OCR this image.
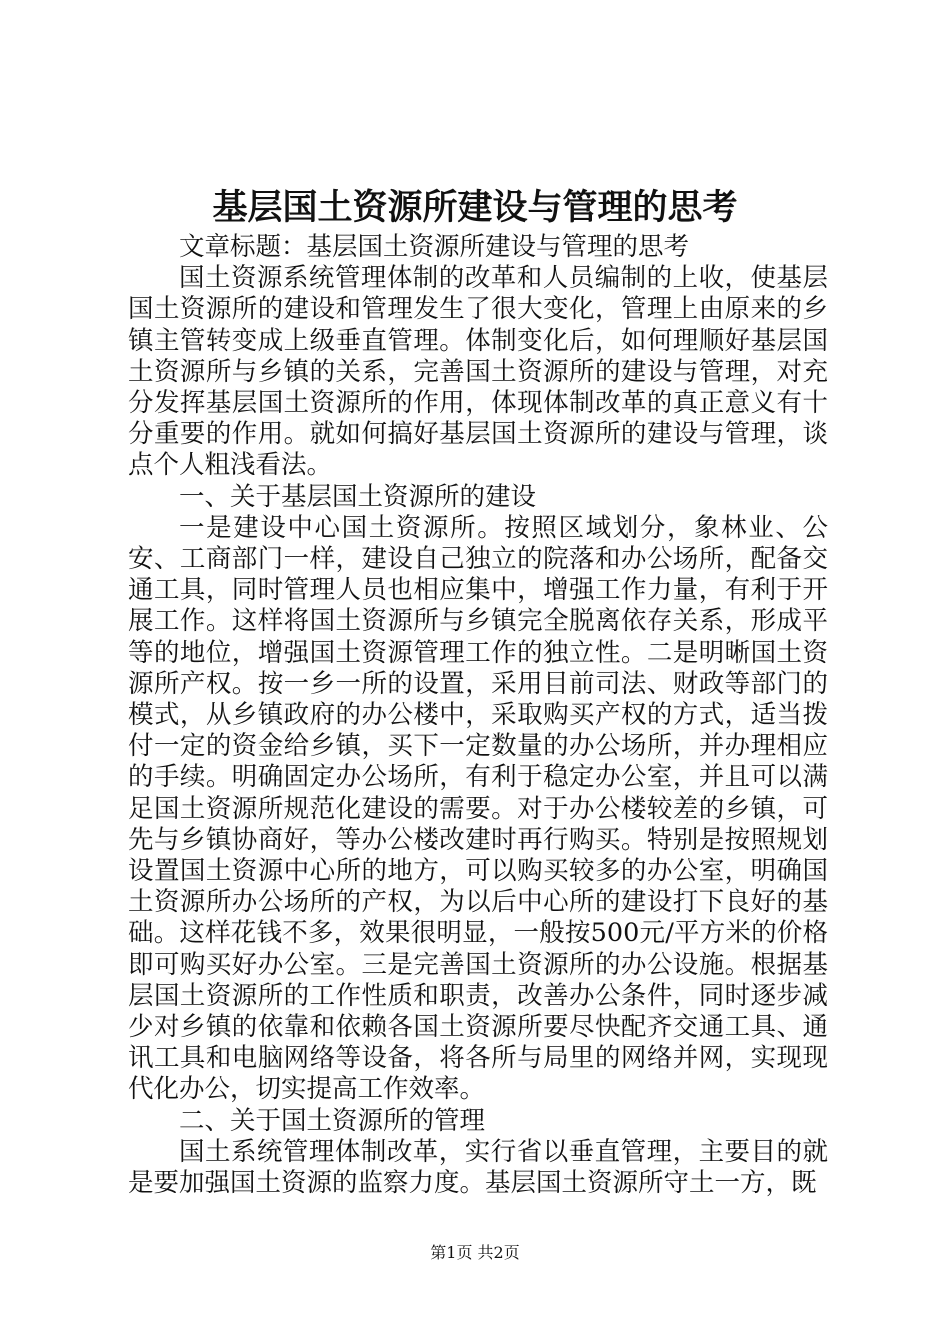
基层国土资源所建设与管理的思考

文章标题：基层国土资源所建设与管理的思考

国土资源系统管理体制的改革和人员编制的上收，使基层国土资源所的建设和管理发生了很大变化，管理上由原来的乡镇主管转变成上级垂直管理。体制变化后，如何理顺好基层国土资源所与乡镇的关系，完善国土资源所的建设与管理，对充分发挥基层国土资源所的作用，体现体制改革的真正意义有十分重要的作用。就如何搞好基层国土资源所的建设与管理，谈点个人粗浅看法。

一、关于基层国土资源所的建设

一是建设中心国土资源所。按照区域划分，象林业、公安、工商部门一样，建设自己独立的院落和办公场所，配备交通工具，同时管理人员也相应集中，增强工作力量，有利于开展工作。这样将国土资源所与乡镇完全脱离依存关系，形成平等的地位，增强国土资源管理工作的独立性。二是明晰国土资源所产权。按一乡一所的设置，采用目前司法、财政等部门的模式，从乡镇政府的办公楼中，采取购买产权的方式，适当拨付一定的资金给乡镇，买下一定数量的办公场所，并办理相应的手续。明确固定办公场所，有利于稳定办公室，并且可以满足国土资源所规范化建设的需要。对于办公楼较差的乡镇，可先与乡镇协商好，等办公楼改建时再行购买。特别是按照规划设置国土资源中心所的地方，可以购买较多的办公室，明确国土资源所办公场所的产权，为以后中心所的建设打下良好的基础。这样花钱不多，效果很明显，一般按500元/平方米的价格即可购买好办公室。三是完善国土资源所的办公设施。根据基层国土资源所的工作性质和职责，改善办公条件，同时逐步减少对乡镇的依靠和依赖各国土资源所要尽快配齐交通工具、通讯工具和电脑网络等设备，将各所与局里的网络并网，实现现代化办公，切实提高工作效率。

二、关于国土资源所的管理

国土系统管理体制改革，实行省以垂直管理，主要目的就是要加强国土资源的监察力度。基层国土资源所守土一方，既

第1页 共2页
